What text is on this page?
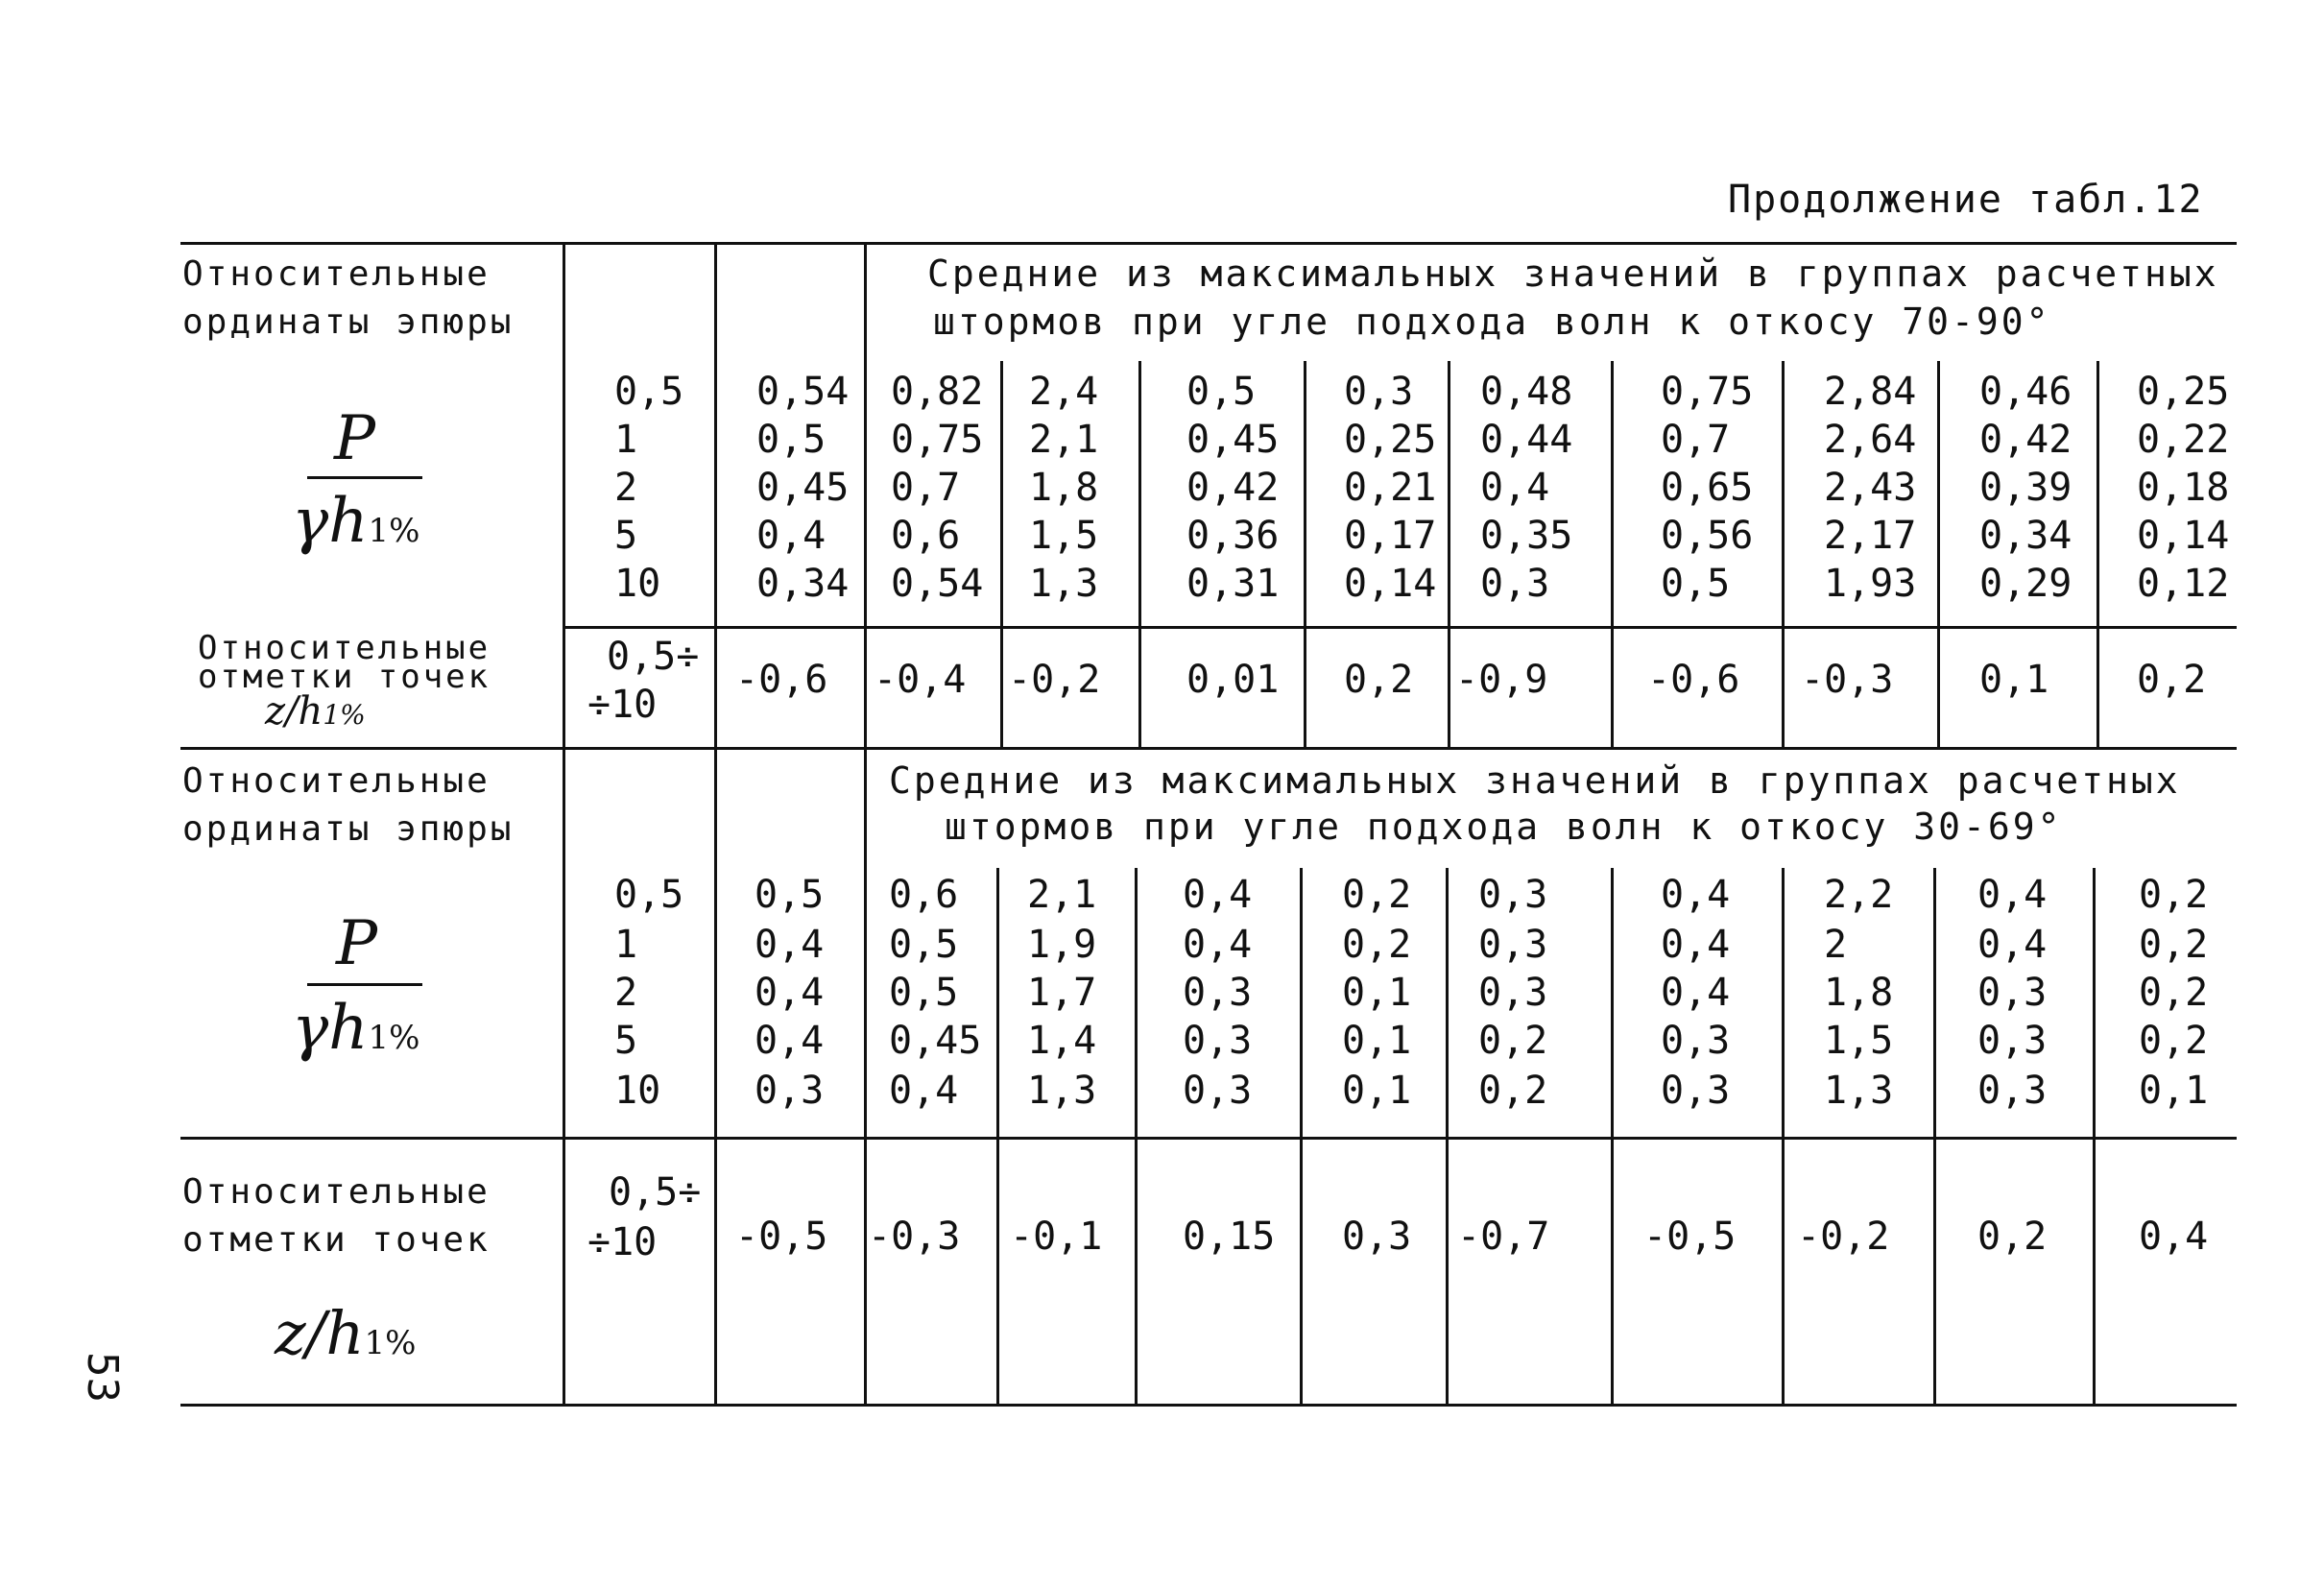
Продолжение табл.12
53
Относительные
ординаты эпюры
Средние из максимальных значений в группах расчетных
штормов при угле подхода волн к откосу 70-90°
P
γh1%
0,5
1
2
5
10
0,54
0,5
0,45
0,4
0,34
0,82
0,75
0,7
0,6
0,54
2,4
2,1
1,8
1,5
1,3
0,5
0,45
0,42
0,36
0,31
0,3
0,25
0,21
0,17
0,14
0,48
0,44
0,4
0,35
0,3
0,75
0,7
0,65
0,56
0,5
2,84
2,64
2,43
2,17
1,93
0,46
0,42
0,39
0,34
0,29
0,25
0,22
0,18
0,14
0,12
Относительные
отметки точек
z/h1%
0,5÷
÷10
-0,6 -0,4 -0,2 0,01 0,2 -0,9	-0,6 -0,3 0,1 0,2
Относительные
ординаты эпюры
Средние из максимальных значений в группах расчетных
штормов при угле подхода волн к откосу 30-69°
P
γh1%
0,5
1
2
5
10
0,5
0,4
0,4
0,4
0,3
0,6
0,5
0,5
0,45
0,4
2,1
1,9
1,7
1,4
1,3
0,4
0,4
0,3
0,3
0,3
0,2
0,2
0,1
0,1
0,1
0,3
0,3
0,3
0,2
0,2
0,4
0,4
0,4
0,3
0,3
2,2
2
1,8
1,5
1,3
0,4
0,4
0,3
0,3
0,3
0,2
0,2
0,2
0,2
0,1
Относительные
отметки точек
z/h1%
0,5÷
÷10 -0,5 -0,3 -0,1 0,15 0,3 -0,7 -0,5 -0,2 0,2 0,4
